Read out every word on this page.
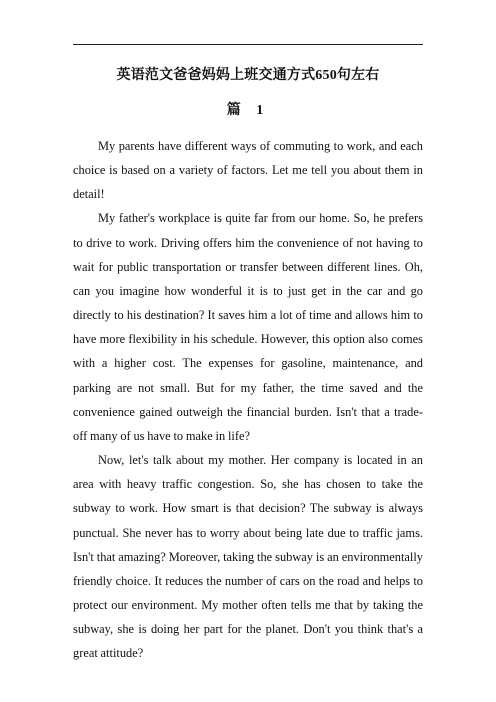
英语范文爸爸妈妈上班交通方式650句左右
篇 1

My parents have different ways of commuting to work, and each choice is based on a variety of factors. Let me tell you about them in detail!

My father's workplace is quite far from our home. So, he prefers to drive to work. Driving offers him the convenience of not having to wait for public transportation or transfer between different lines. Oh, can you imagine how wonderful it is to just get in the car and go directly to his destination? It saves him a lot of time and allows him to have more flexibility in his schedule. However, this option also comes with a higher cost. The expenses for gasoline, maintenance, and parking are not small. But for my father, the time saved and the convenience gained outweigh the financial burden. Isn't that a trade-off many of us have to make in life?

Now, let's talk about my mother. Her company is located in an area with heavy traffic congestion. So, she has chosen to take the subway to work. How smart is that decision? The subway is always punctual. She never has to worry about being late due to traffic jams. Isn't that amazing? Moreover, taking the subway is an environmentally friendly choice. It reduces the number of cars on the road and helps to protect our environment. My mother often tells me that by taking the subway, she is doing her part for the planet. Don't you think that's a great attitude?
